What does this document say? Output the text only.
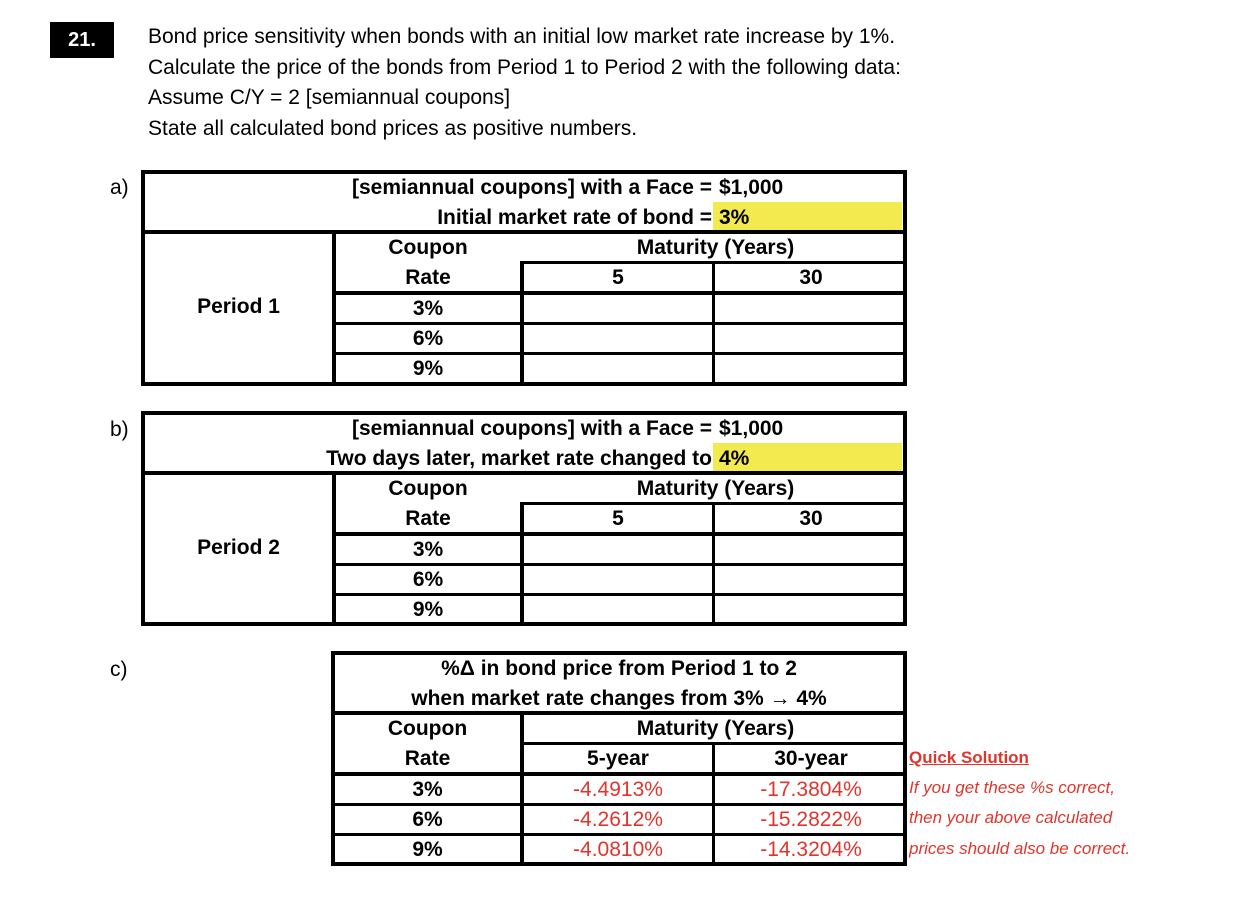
21.	Bond price sensitivity when bonds with an initial low market rate increase by 1%.
Calculate the price of the bonds from Period 1 to Period 2 with the following data:
Assume C/Y = 2 [semiannual coupons]
State all calculated bond prices as positive numbers.
a)	[semiannual coupons] with a Face = $1,000
Initial market rate of bond = 3%
Coupon	Maturity (Years)
Rate	5	30
Period 1	3%
6%
9%
b)	[semiannual coupons] with a Face = $1,000
Two days later, market rate changed to 4%
Coupon	Maturity (Years)
Rate	5	30
Period 2	3%
6%
9%
c)	%Δ in bond price from Period 1 to 2
when market rate changes from 3% → 4%
Coupon	Maturity (Years)
Rate	5-year	30-year
3%	-4.4913%	-17.3804%
6%	-4.2612%	-15.2822%
9%	-4.0810%	-14.3204%
Quick Solution
If you get these %s correct,
then your above calculated
prices should also be correct.
